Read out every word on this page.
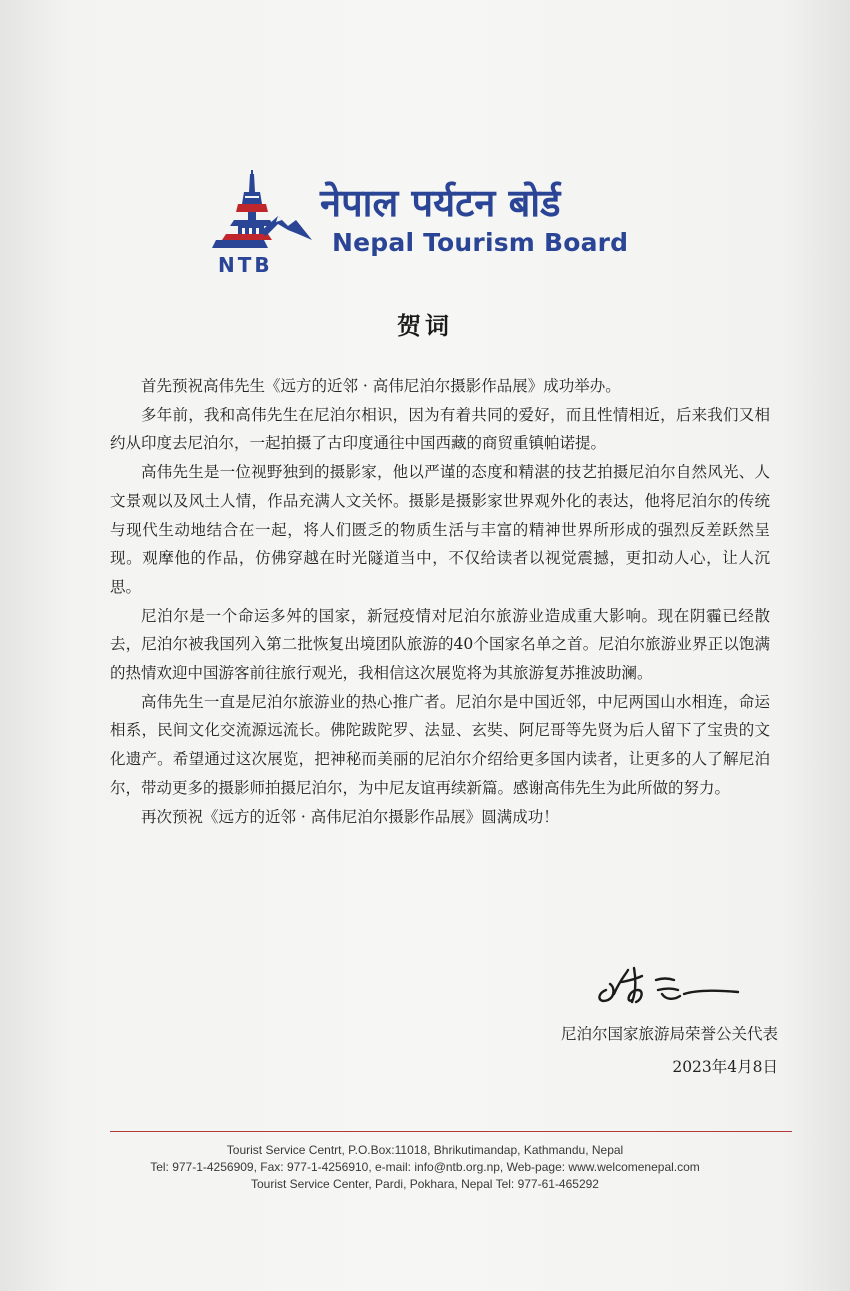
NTB
नेपाल पर्यटन बोर्ड
Nepal Tourism Board
贺词

首先预祝高伟先生《远方的近邻 · 高伟尼泊尔摄影作品展》成功举办。

多年前，我和高伟先生在尼泊尔相识，因为有着共同的爱好，而且性情相近，后来我们又相约从印度去尼泊尔，一起拍摄了古印度通往中国西藏的商贸重镇帕诺提。

高伟先生是一位视野独到的摄影家，他以严谨的态度和精湛的技艺拍摄尼泊尔自然风光、人文景观以及风土人情，作品充满人文关怀。摄影是摄影家世界观外化的表达，他将尼泊尔的传统与现代生动地结合在一起，将人们匮乏的物质生活与丰富的精神世界所形成的强烈反差跃然呈现。观摩他的作品，仿佛穿越在时光隧道当中，不仅给读者以视觉震撼，更扣动人心，让人沉思。

尼泊尔是一个命运多舛的国家，新冠疫情对尼泊尔旅游业造成重大影响。现在阴霾已经散去，尼泊尔被我国列入第二批恢复出境团队旅游的40个国家名单之首。尼泊尔旅游业界正以饱满的热情欢迎中国游客前往旅行观光，我相信这次展览将为其旅游复苏推波助澜。

高伟先生一直是尼泊尔旅游业的热心推广者。尼泊尔是中国近邻，中尼两国山水相连，命运相系，民间文化交流源远流长。佛陀跋陀罗、法显、玄奘、阿尼哥等先贤为后人留下了宝贵的文化遗产。希望通过这次展览，把神秘而美丽的尼泊尔介绍给更多国内读者，让更多的人了解尼泊尔，带动更多的摄影师拍摄尼泊尔，为中尼友谊再续新篇。感谢高伟先生为此所做的努力。

再次预祝《远方的近邻 · 高伟尼泊尔摄影作品展》圆满成功！

尼泊尔国家旅游局荣誉公关代表
2023年4月8日
Tourist Service Centrt, P.O.Box:11018, Bhrikutimandap, Kathmandu, Nepal
Tel: 977-1-4256909, Fax: 977-1-4256910, e-mail: info@ntb.org.np, Web-page: www.welcomenepal.com
Tourist Service Center, Pardi, Pokhara, Nepal Tel: 977-61-465292
